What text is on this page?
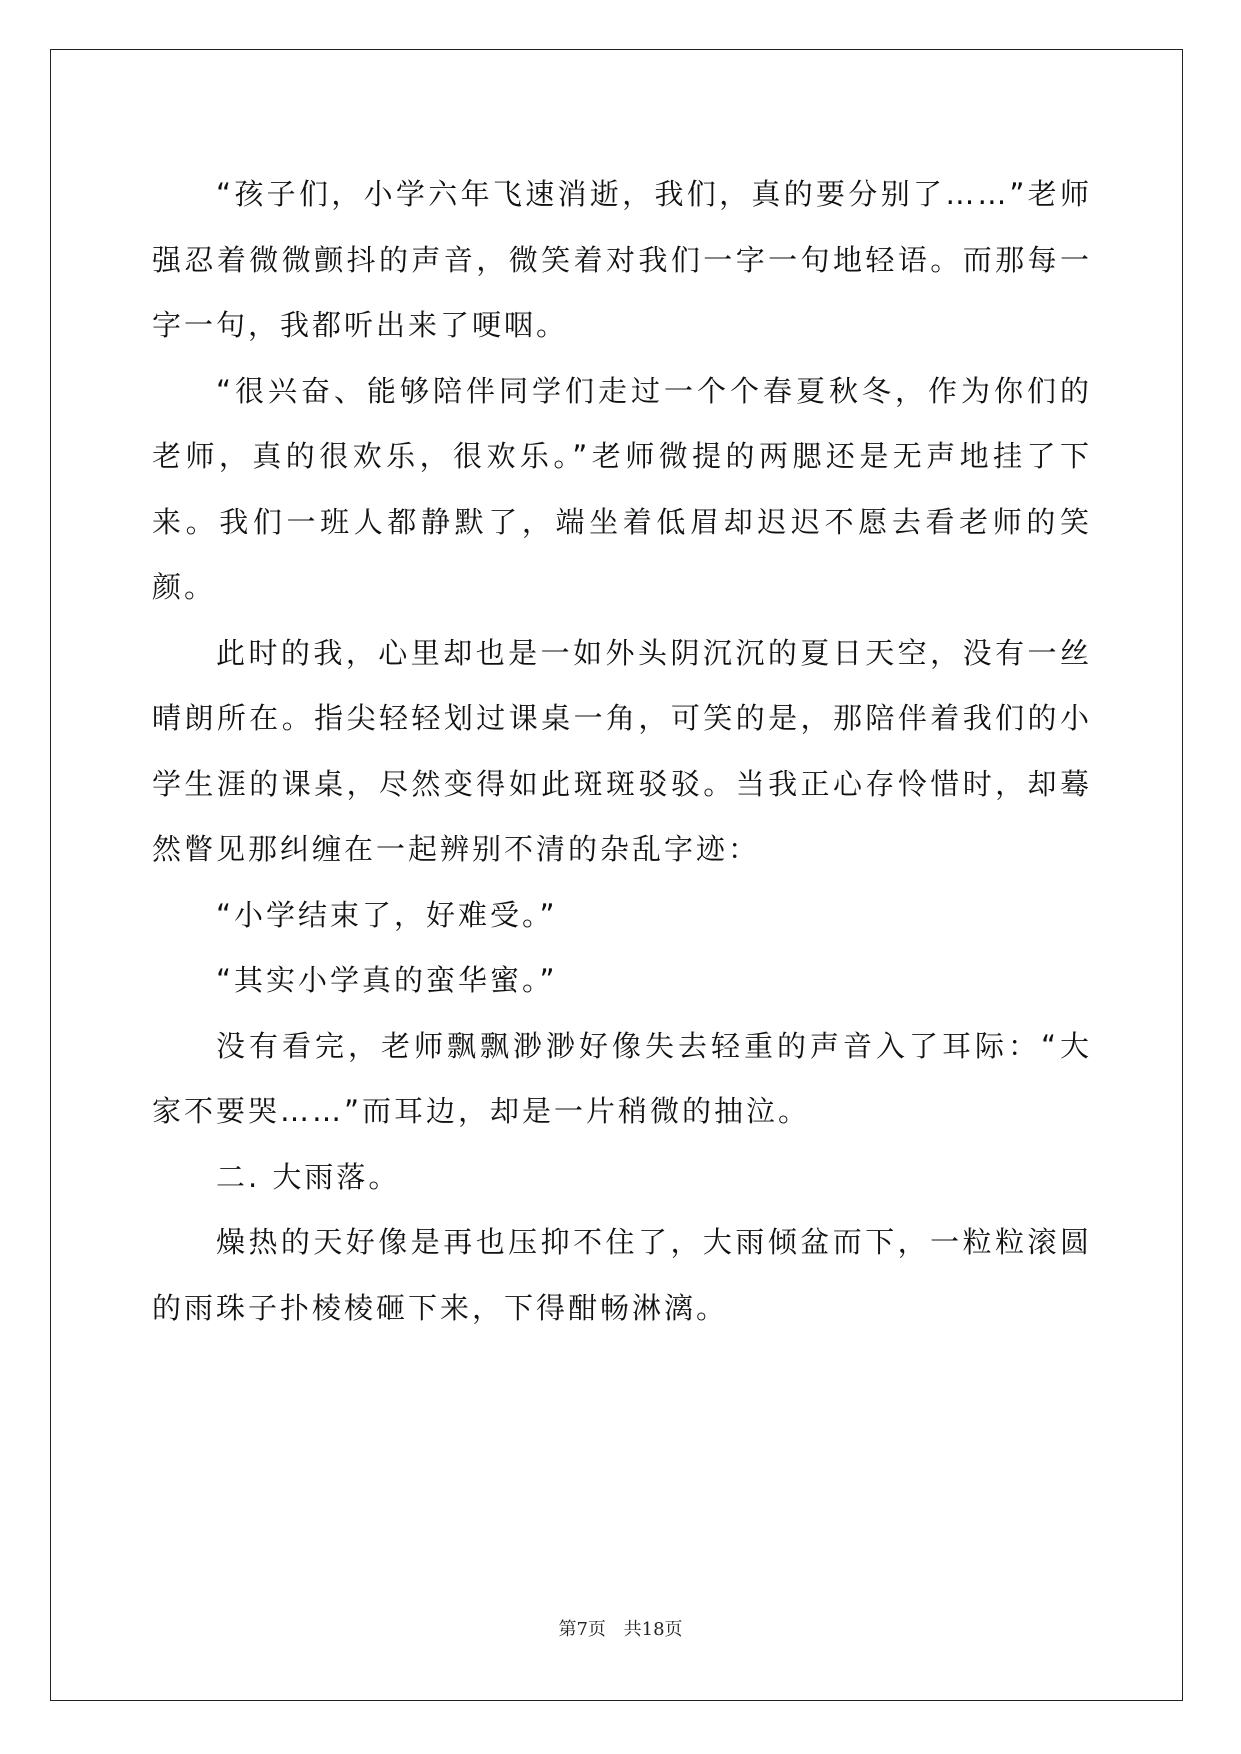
“孩子们，小学六年飞速消逝，我们，真的要分别了……”老师强忍着微微颤抖的声音，微笑着对我们一字一句地轻语。而那每一字一句，我都听出来了哽咽。

“很兴奋、能够陪伴同学们走过一个个春夏秋冬，作为你们的老师，真的很欢乐，很欢乐。”老师微提的两腮还是无声地挂了下来。我们一班人都静默了，端坐着低眉却迟迟不愿去看老师的笑颜。

此时的我，心里却也是一如外头阴沉沉的夏日天空，没有一丝晴朗所在。指尖轻轻划过课桌一角，可笑的是，那陪伴着我们的小学生涯的课桌，尽然变得如此斑斑驳驳。当我正心存怜惜时，却蓦然瞥见那纠缠在一起辨别不清的杂乱字迹：

“小学结束了，好难受。”

“其实小学真的蛮华蜜。”

没有看完，老师飘飘渺渺好像失去轻重的声音入了耳际：“大家不要哭……”而耳边，却是一片稍微的抽泣。

二. 大雨落。

燥热的天好像是再也压抑不住了，大雨倾盆而下，一粒粒滚圆的雨珠子扑棱棱砸下来，下得酣畅淋漓。

第7页 共18页
